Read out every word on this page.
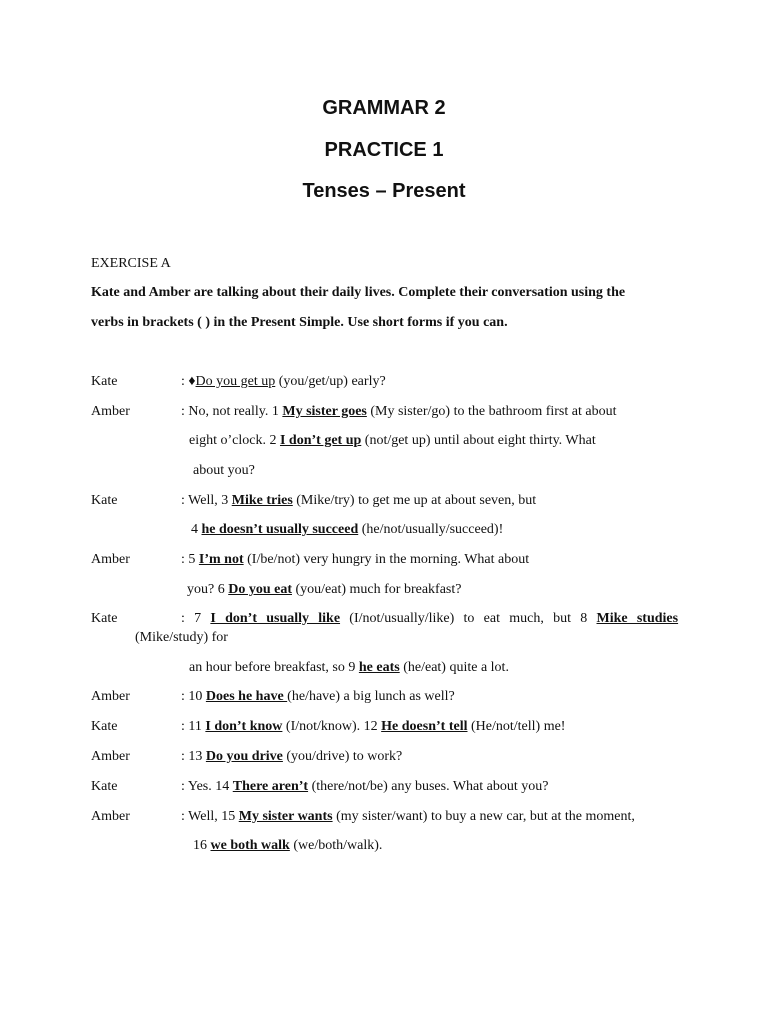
GRAMMAR 2
PRACTICE 1
Tenses – Present
EXERCISE A
Kate and Amber are talking about their daily lives. Complete their conversation using the
verbs in brackets ( ) in the Present Simple. Use short forms if you can.
Kate	: ♦Do you get up (you/get/up) early?
Amber	: No, not really. 1 My sister goes (My sister/go) to the bathroom first at about
eight o’clock. 2 I don’t get up (not/get up) until about eight thirty. What
about you?
Kate	: Well, 3 Mike tries (Mike/try) to get me up at about seven, but
4 he doesn’t usually succeed (he/not/usually/succeed)!
Amber	: 5 I’m not (I/be/not) very hungry in the morning. What about
you? 6 Do you eat (you/eat) much for breakfast?
Kate	: 7 I don’t usually like (I/not/usually/like) to eat much, but 8 Mike studies
(Mike/study) for
an hour before breakfast, so 9 he eats (he/eat) quite a lot.
Amber	: 10 Does he have (he/have) a big lunch as well?
Kate	: 11 I don’t know (I/not/know). 12 He doesn’t tell (He/not/tell) me!
Amber	: 13 Do you drive (you/drive) to work?
Kate	: Yes. 14 There aren’t (there/not/be) any buses. What about you?
Amber	: Well, 15 My sister wants (my sister/want) to buy a new car, but at the moment,
16 we both walk (we/both/walk).
